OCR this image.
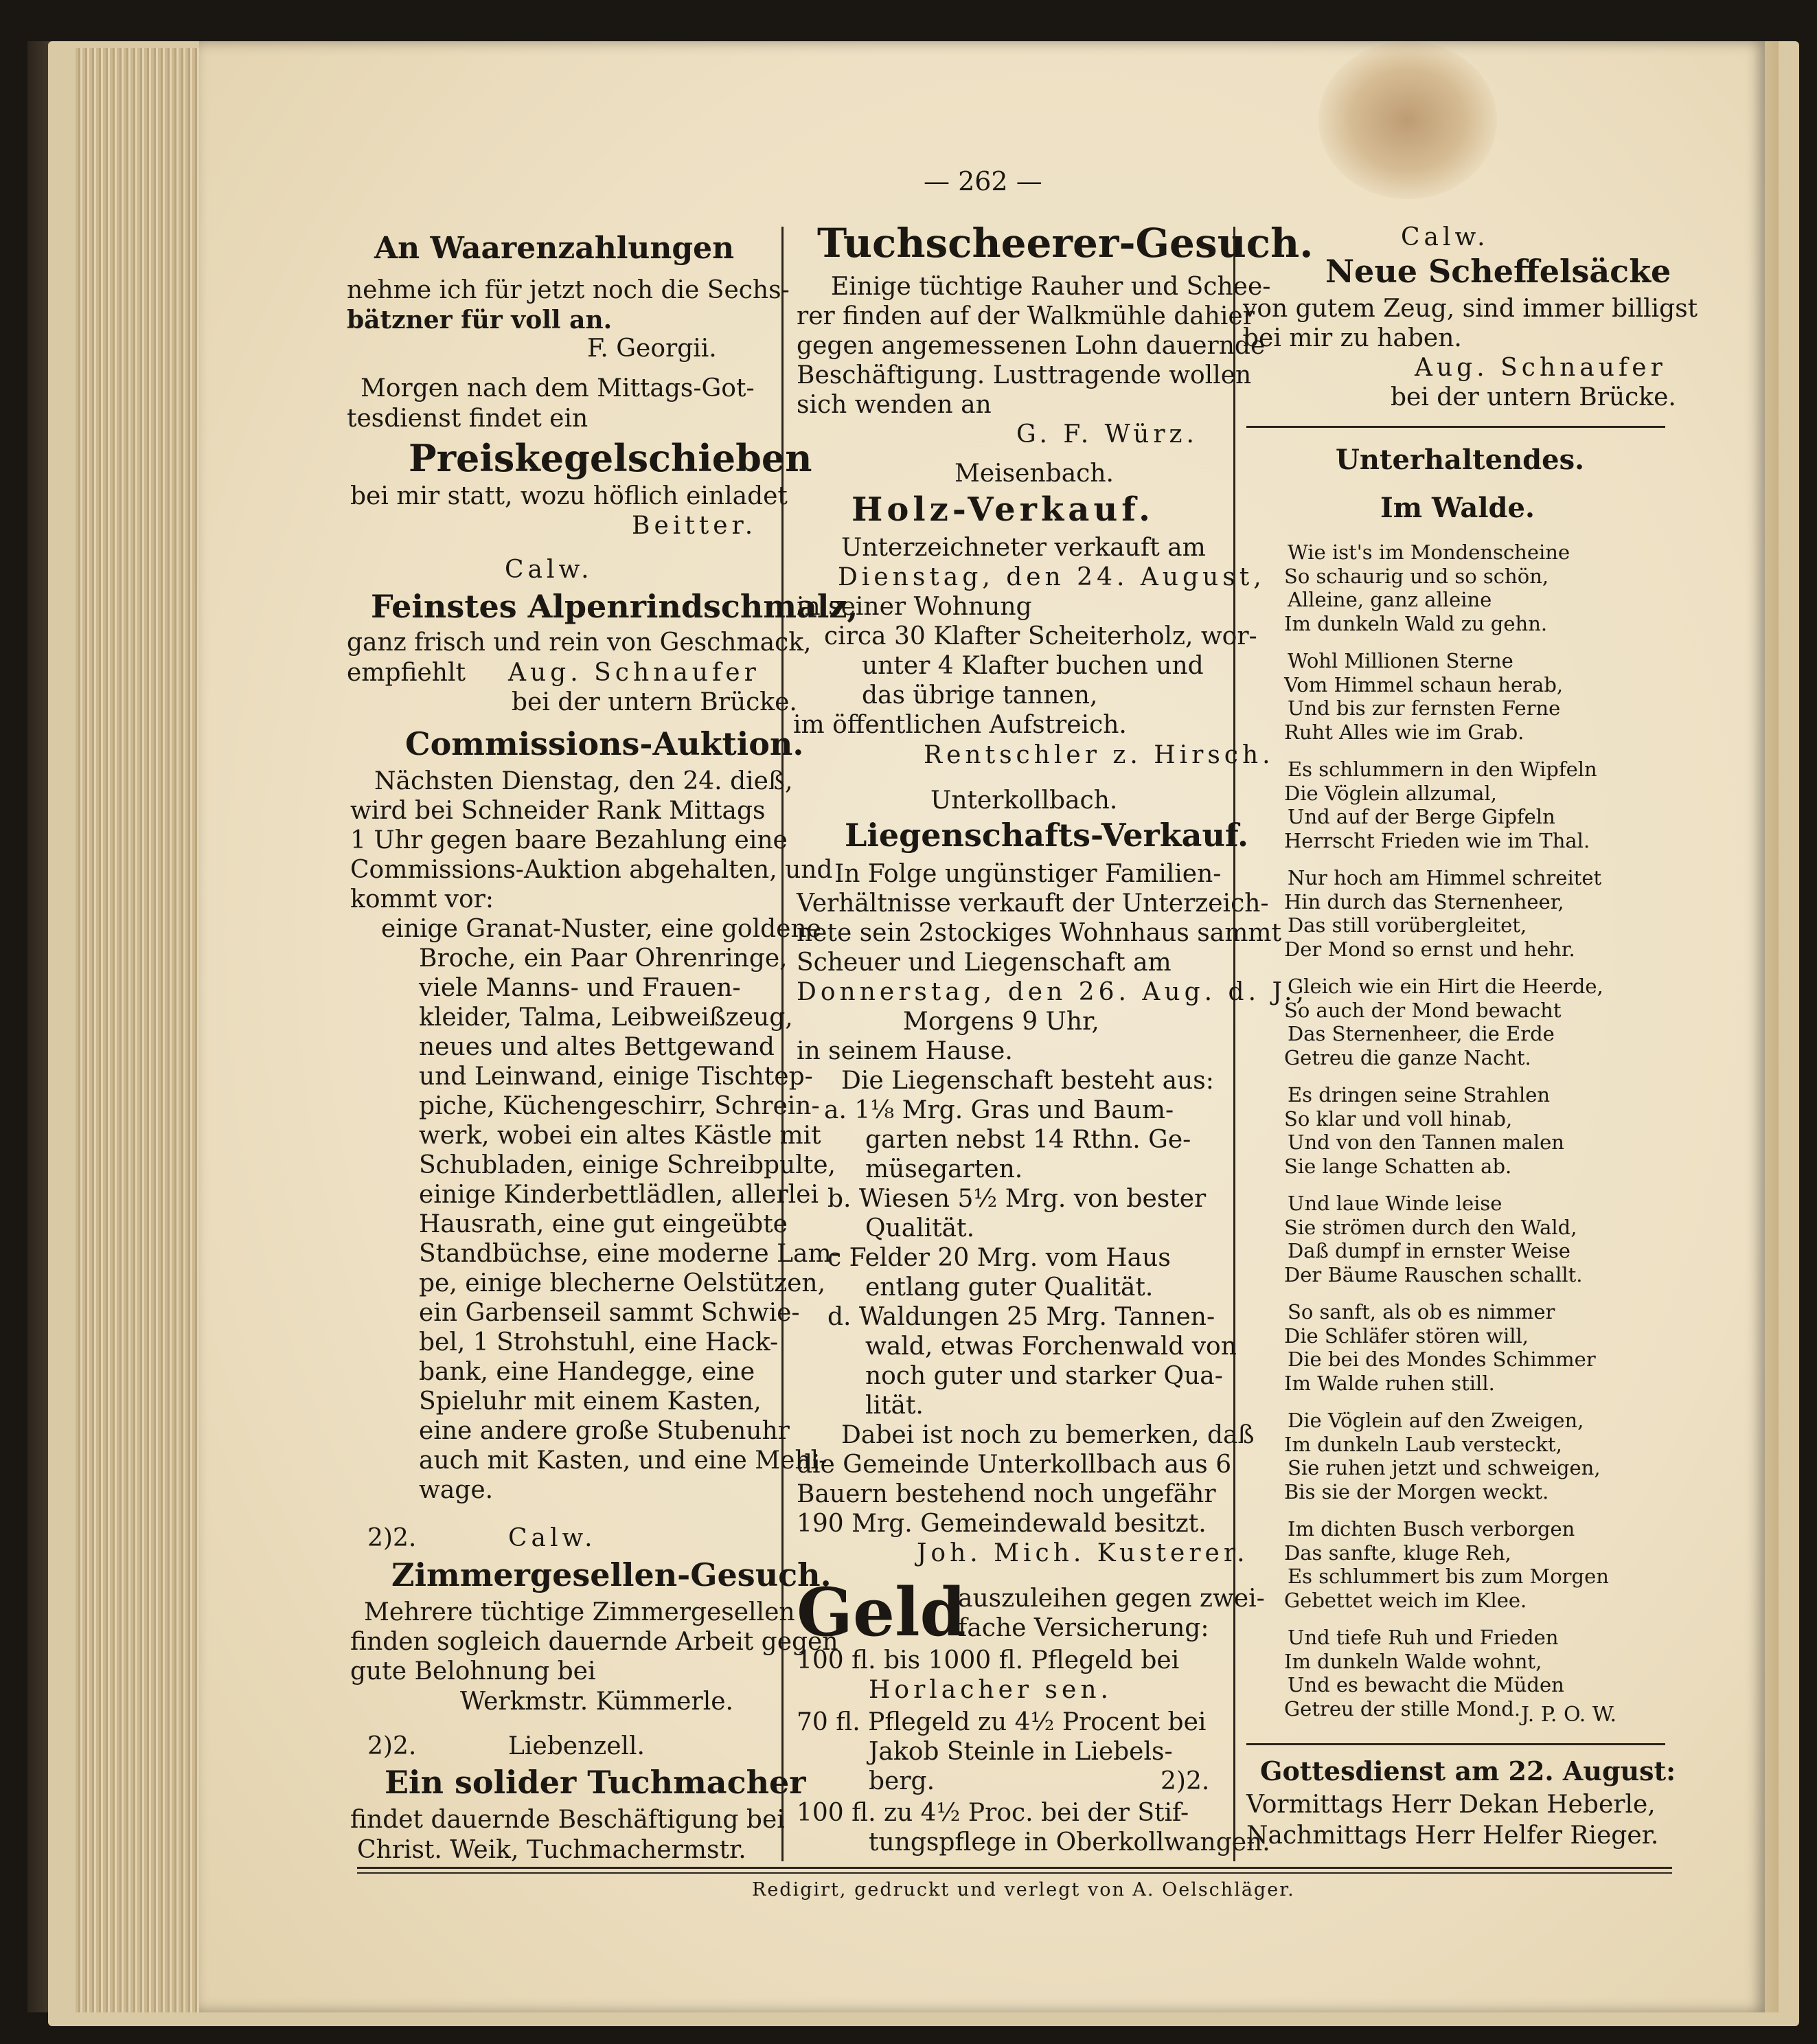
— 262 —
An Waarenzahlungen
nehme ich für jetzt noch die Sechs-
bätzner für voll an.
F. Georgii.
Morgen nach dem Mittags-Got-
tesdienst findet ein
Preiskegelschieben
bei mir statt, wozu höflich einladet
Beitter.
Calw.
Feinstes Alpenrindschmalz,
ganz frisch und rein von Geschmack,
empfiehlt Aug. Schnaufer
bei der untern Brücke.
Commissions-Auktion.
Nächsten Dienstag, den 24. dieß,
wird bei Schneider Rank Mittags
1 Uhr gegen baare Bezahlung eine
Commissions-Auktion abgehalten, und
kommt vor:
einige Granat-Nuster, eine goldene
Broche, ein Paar Ohrenringe,
viele Manns- und Frauen-
kleider, Talma, Leibweißzeug,
neues und altes Bettgewand
und Leinwand, einige Tischtep-
piche, Küchengeschirr, Schrein-
werk, wobei ein altes Kästle mit
Schubladen, einige Schreibpulte,
einige Kinderbettlädlen, allerlei
Hausrath, eine gut eingeübte
Standbüchse, eine moderne Lam-
pe, einige blecherne Oelstützen,
ein Garbenseil sammt Schwie-
bel, 1 Strohstuhl, eine Hack-
bank, eine Handegge, eine
Spieluhr mit einem Kasten,
eine andere große Stubenuhr
auch mit Kasten, und eine Mehl-
wage.
2)2.	Calw.
Zimmergesellen-Gesuch.
Mehrere tüchtige Zimmergesellen
finden sogleich dauernde Arbeit gegen
gute Belohnung bei
Werkmstr. Kümmerle.
2)2.	Liebenzell.
Ein solider Tuchmacher
findet dauernde Beschäftigung bei
Christ. Weik, Tuchmachermstr.
Tuchscheerer-Gesuch.
Einige tüchtige Rauher und Schee-
rer finden auf der Walkmühle dahier
gegen angemessenen Lohn dauernde
Beschäftigung. Lusttragende wollen
sich wenden an
G. F. Würz.
Meisenbach.
Holz-Verkauf.
Unterzeichneter verkauft am
Dienstag, den 24. August,
in seiner Wohnung
circa 30 Klafter Scheiterholz, wor-
unter 4 Klafter buchen und
das übrige tannen,
im öffentlichen Aufstreich.
Rentschler z. Hirsch.
Unterkollbach.
Liegenschafts-Verkauf.
In Folge ungünstiger Familien-
Verhältnisse verkauft der Unterzeich-
nete sein 2stockiges Wohnhaus sammt
Scheuer und Liegenschaft am
Donnerstag, den 26. Aug. d. J.,
Morgens 9 Uhr,
in seinem Hause.
Die Liegenschaft besteht aus:
a. 1⅛ Mrg. Gras und Baum-
garten nebst 14 Rthn. Ge-
müsegarten.
b. Wiesen 5½ Mrg. von bester
Qualität.
c Felder 20 Mrg. vom Haus
entlang guter Qualität.
d. Waldungen 25 Mrg. Tannen-
wald, etwas Forchenwald von
noch guter und starker Qua-
lität.
Dabei ist noch zu bemerken, daß
die Gemeinde Unterkollbach aus 6
Bauern bestehend noch ungefähr
190 Mrg. Gemeindewald besitzt.
Joh. Mich. Kusterer.
Geld
auszuleihen gegen zwei-
fache Versicherung:
100 fl. bis 1000 fl. Pflegeld bei
Horlacher sen.
70 fl. Pflegeld zu 4½ Procent bei
Jakob Steinle in Liebels-
berg.	2)2.
100 fl. zu 4½ Proc. bei der Stif-
tungspflege in Oberkollwangen.
Calw.
Neue Scheffelsäcke
von gutem Zeug, sind immer billigst
bei mir zu haben.
Aug. Schnaufer
bei der untern Brücke.
Unterhaltendes.
Im Walde.
Wie ist's im Mondenscheine
So schaurig und so schön,
Alleine, ganz alleine
Im dunkeln Wald zu gehn.
Wohl Millionen Sterne
Vom Himmel schaun herab,
Und bis zur fernsten Ferne
Ruht Alles wie im Grab.
Es schlummern in den Wipfeln
Die Vöglein allzumal,
Und auf der Berge Gipfeln
Herrscht Frieden wie im Thal.
Nur hoch am Himmel schreitet
Hin durch das Sternenheer,
Das still vorübergleitet,
Der Mond so ernst und hehr.
Gleich wie ein Hirt die Heerde,
So auch der Mond bewacht
Das Sternenheer, die Erde
Getreu die ganze Nacht.
Es dringen seine Strahlen
So klar und voll hinab,
Und von den Tannen malen
Sie lange Schatten ab.
Und laue Winde leise
Sie strömen durch den Wald,
Daß dumpf in ernster Weise
Der Bäume Rauschen schallt.
So sanft, als ob es nimmer
Die Schläfer stören will,
Die bei des Mondes Schimmer
Im Walde ruhen still.
Die Vöglein auf den Zweigen,
Im dunkeln Laub versteckt,
Sie ruhen jetzt und schweigen,
Bis sie der Morgen weckt.
Im dichten Busch verborgen
Das sanfte, kluge Reh,
Es schlummert bis zum Morgen
Gebettet weich im Klee.
Und tiefe Ruh und Frieden
Im dunkeln Walde wohnt,
Und es bewacht die Müden
Getreu der stille Mond. J. P. O. W.
Gottesdienst am 22. August:
Vormittags Herr Dekan Heberle,
Nachmittags Herr Helfer Rieger.
Redigirt, gedruckt und verlegt von A. Oelschläger.
